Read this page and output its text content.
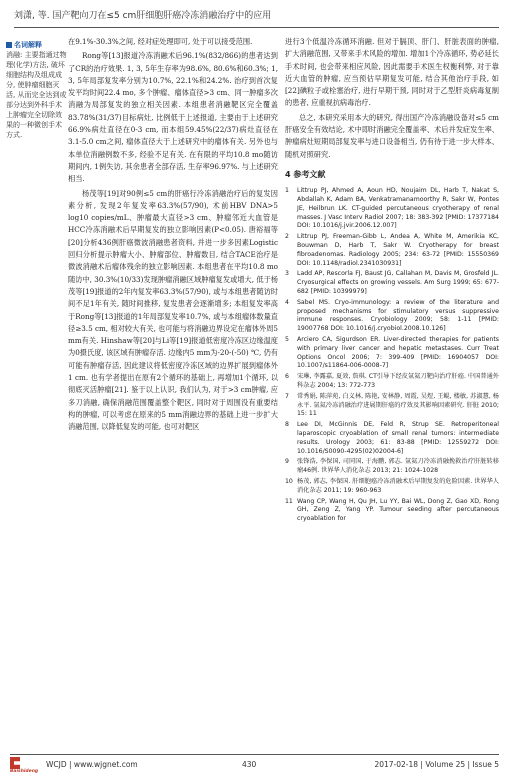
刘潇, 等. 国产靶向刀在≤5 cm肝细胞肝癌冷冻消融治疗中的应用
名词解释
消融: 主要指通过物理(化学)方法, 破坏细胞结构及组成成分, 使肿瘤细胞灭活, 从而完全达到或部分达到外科手术上肿瘤完全切除效果的一种微创手术方式.

在9.1%-30.3%之间, 经对症处理即可, 处于可以接受范围.

Rong等[13]报道冷冻消融术后96.1%(832/866)的患者达到了CR的治疗效果. 1, 3, 5年生存率为98.6%, 80.6%和60.3%; 1, 3, 5年局部复发率分别为10.7%, 22.1%和24.2%. 治疗到首次复发平均时间22.4 mo, 多个肿瘤、瘤体直径>3 cm、同一肿瘤多次消融为局部复发的独立相关因素. 本组患者消融靶区完全覆盖83.78%(31/37)目标病灶, 比例低于上述报道, 主要由于上述研究66.9%病灶直径在0-3 cm, 而本组59.45%(22/37)病灶直径在3.1-5.0 cm之间, 瘤体直径大于上述研究中的瘤体有关. 另外也与本单位消融例数不多, 经验不足有关. 在有限的平均10.8 mo随访期间内, 1例失访, 其余患者全部存活, 生存率96.97%. 与上述研究相当.

杨茂等[19]对90例≤5 cm的肝癌行冷冻消融治疗后的复发因素分析, 发现2年复发率63.3%(57/90), 术前HBV DNA>5 log10 copies/mL、肿瘤最大直径>3 cm、肿瘤邻近大血管是HCC冷冻消融术后早期复发的独立影响因素(P<0.05). 唐裕福等[20]分析436例肝癌微波消融患者资料, 并进一步多因素Logistic回归分析提示肿瘤大小、肿瘤部位、肿瘤数目, 结合TACE治疗是微波消融术后瘤体残余的独立影响因素. 本组患者在平均10.8 mo随访中, 30.3%(10/33)发现肿瘤消融区域肿瘤复发或增大, 低于杨茂等[19]报道的2年内复发率63.3%(57/90), 或与本组患者随访时间不足1年有关, 随时间推移, 复发患者会逐渐增多; 本组复发率高于Rong等[13]报道的1年局部复发率10.7%, 或与本组瘤体数量直径≥3.5 cm, 相对较大有关, 也可能与将消融边界设定在瘤体外周5 mm有关. Hinshaw等[20]与Li等[19]报道低密度冷冻区边缘温度为0摄氏度, 该区域有肿瘤存活. 边缘内5 mm为-20-(-50) ℃, 仍有可能有肿瘤存活, 因此建议将低密度冷冻区域的边界扩展到瘤体外1 cm. 也有学者提出在原有2个循环的基础上, 再增加1个循环, 以彻底灭活肿瘤[21]. 鉴于以上认识, 我们认为, 对于>3 cm肿瘤, 应多刀消融, 确保消融范围覆盖整个靶区, 同时对于周围没有重要结构的肿瘤, 可以考虑在原来的5 mm消融边界的基础上进一步扩大消融范围, 以降低复发的可能, 也可对靶区

进行3个低温冷冻循环消融. 但对于膈顶、肝门、肝脏表面的肿瘤, 扩大消融范围, 又带来手术风险的增加. 增加1个冷冻循环, 势必延长手术时间, 也会带来相应风险, 因此需要手术医生权衡利弊, 对于靠近大血管的肿瘤, 应当预估早期复发可能, 结合其他治疗手段, 如[22]碘粒子或栓塞治疗, 进行早期干预, 同时对于乙型肝炎病毒复制的患者, 应重视抗病毒治疗.

总之, 本研究采用本大的研究, 得出国产冷冻消融设备对≤5 cm肝癌安全有效结论, 术中即时消融完全覆盖率、术后并发症发生率、肿瘤病灶短期局部复发率与进口设备相当, 仍有待于进一步大样本、随机对照研究.

4 参考文献
1	Littrup PJ, Ahmed A, Aoun HD, Noujaim DL, Harb T, Nakat S, Abdallah K, Adam BA, Venkatramanamoorthy R, Sakr W, Pontes JE, Heilbrun LK. CT-guided percutaneous cryotherapy of renal masses. J Vasc Interv Radiol 2007; 18: 383-392 [PMID: 17377184 DOI: 10.1016/j.jvir.2006.12.007]
2	Littrup PJ, Freeman-Gibb L, Andea A, White M, Amerikia KC, Bouwman D, Harb T, Sakr W. Cryotherapy for breast fibroadenomas. Radiology 2005; 234: 63-72 [PMID: 15550369 DOI: 10.1148/radiol.2341030931]
3	Ladd AP, Rescorla FJ, Baust JG, Callahan M, Davis M, Grosfeld JL. Cryosurgical effects on growing vessels. Am Surg 1999; 65: 677-682 [PMID: 10399979]
4	Sabel MS. Cryo-immunology: a review of the literature and proposed mechanisms for stimulatory versus suppressive immune responses. Cryobiology 2009; 58: 1-11 [PMID: 19007768 DOI: 10.1016/j.cryobiol.2008.10.126]
5	Arciero CA, Sigurdson ER. Liver-directed therapies for patients with primary liver cancer and hepatic metastases. Curr Treat Options Oncol 2006; 7: 399-409 [PMID: 16904057 DOI: 10.1007/s11864-006-0008-7]
6	宋琳, 李露嘉, 夏效, 詹琪. CT引导下经皮氩氦刀靶向治疗肝癌. 中国普通外科杂志 2004; 13: 772-773
7	常秀娟, 陈萍苑, 白义林, 陈艳, 安林静, 周霞, 吴煜, 王鲲, 楼敏, 苏淑慧, 杨永平. 氩氦冷冻消融治疗进展期肝癌的疗效及其影响因素研究. 肝脏 2010; 15: 11
8	Lee DI, McGinnis DE, Feld R, Strup SE. Retroperitoneal laparoscopic cryoablation of small renal tumors: intermediate results. Urology 2003; 61: 83-88 [PMID: 12559272 DOI: 10.1016/S0090-4295(02)02004-6]
9	张锋浩, 李保国, 司同国, 于海鹏, 郭志. 氩氦刀冷冻消融挽救治疗肝脏转移瘤46例. 世界华人消化杂志 2013; 21: 1024-1028
10 杨茂, 郭志, 李保国. 肝细胞癌冷冻消融术后早期复发的危险因素. 世界华人消化杂志 2011; 19: 960-963
11 Wang CP, Wang H, Qu JH, Lu YY, Bai WL, Dong Z, Gao XD, Rong GH, Zeng Z, Yang YP. Tumour seeding after percutaneous cryoablation for
Baishideng
WCJD | www.wjgnet.com	430	2017-02-18 | Volume 25 | Issue 5
